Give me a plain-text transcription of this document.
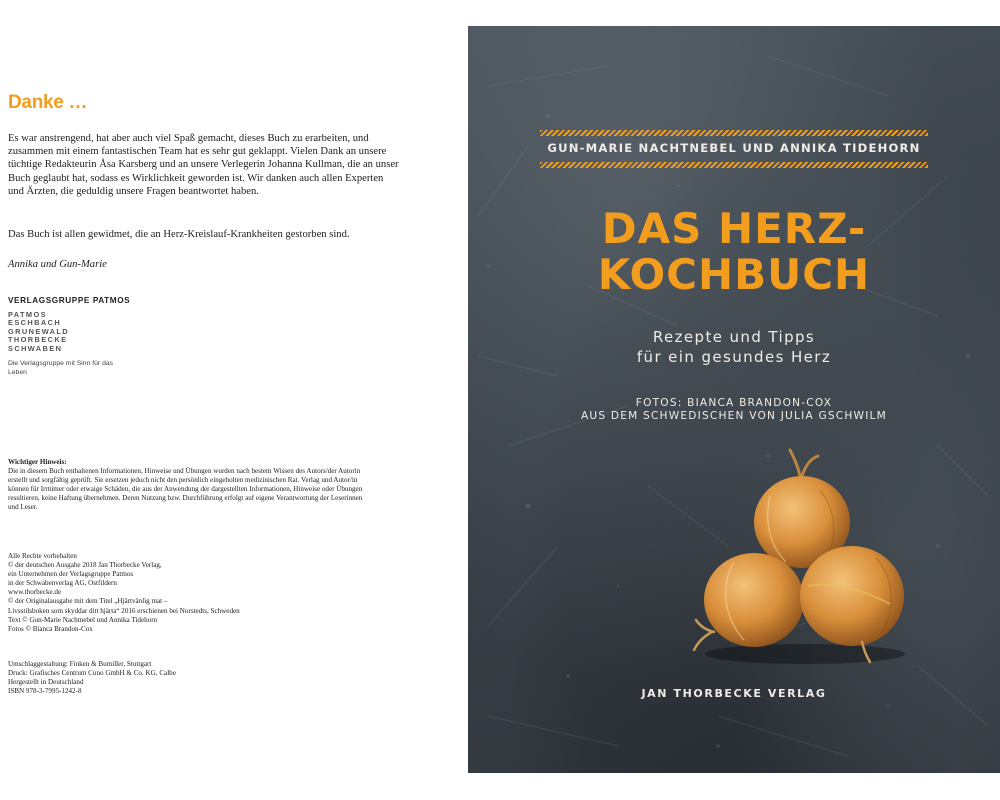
Danke …

Es war anstrengend, hat aber auch viel Spaß gemacht, dieses Buch zu erarbeiten, und zusammen mit einem fantastischen Team hat es sehr gut geklappt. Vielen Dank an unsere tüchtige Redakteurin Åsa Karsberg und an unsere Verlegerin Johanna Kullman, die an unser Buch geglaubt hat, sodass es Wirklichkeit geworden ist. Wir danken auch allen Experten und Ärzten, die geduldig unsere Fragen beantwortet haben.

Das Buch ist allen gewidmet, die an Herz-Kreislauf-Krankheiten gestorben sind.

Annika und Gun-Marie

VERLAGSGRUPPE PATMOS

PATMOS
ESCHBACH
GRUNEWALD
THORBECKE
SCHWABEN

Die Verlagsgruppe mit Sinn für das Leben

Wichtiger Hinweis:
Die in diesem Buch enthaltenen Informationen, Hinweise und Übungen wurden nach bestem Wissen des Autors/der Autorin erstellt und sorgfältig geprüft. Sie ersetzen jedoch nicht den persönlich eingeholten medizinischen Rat. Verlag und Autor/in können für Irrtümer oder etwaige Schäden, die aus der Anwendung der dargestellten Informationen, Hinweise oder Übungen resultieren, keine Haftung übernehmen. Deren Nutzung bzw. Durchführung erfolgt auf eigene Verantwortung der Leserinnen und Leser.
Alle Rechte vorbehalten
© der deutschen Ausgabe 2018 Jan Thorbecke Verlag,
ein Unternehmen der Verlagsgruppe Patmos
in der Schwabenverlag AG, Ostfildern
www.thorbecke.de
© der Originalausgabe mit dem Titel „Hjärtvänlig mat –
Livsstilsboken som skyddar ditt hjärta“ 2016 erschienen bei Norstedts, Schweden
Text © Gun-Marie Nachtnebel und Annika Tidehorn
Fotos © Bianca Brandon-Cox
Umschlaggestaltung: Finken & Bumiller, Stuttgart
Druck: Grafisches Centrum Cuno GmbH & Co. KG, Calbe
Hergestellt in Deutschland
ISBN 978-3-7995-1242-8

GUN-MARIE NACHTNEBEL UND ANNIKA TIDEHORN

DAS HERZ-
KOCHBUCH

Rezepte und Tipps
für ein gesundes Herz

FOTOS: BIANCA BRANDON-COX
AUS DEM SCHWEDISCHEN VON JULIA GSCHWILM

JAN THORBECKE VERLAG
